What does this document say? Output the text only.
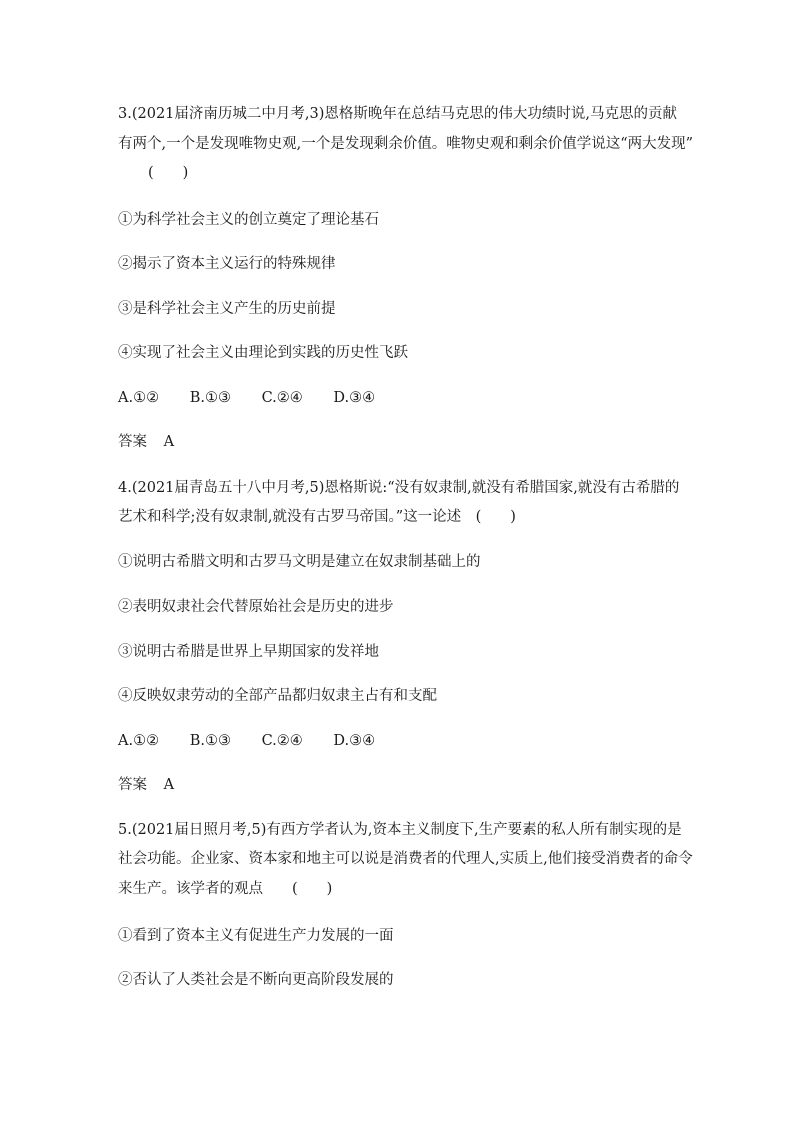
3.(2021届济南历城二中月考,3)恩格斯晚年在总结马克思的伟大功绩时说,马克思的贡献
有两个,一个是发现唯物史观,一个是发现剩余价值。唯物史观和剩余价值学说这“两大发现”
(　　)
①为科学社会主义的创立奠定了理论基石
②揭示了资本主义运行的特殊规律
③是科学社会主义产生的历史前提
④实现了社会主义由理论到实践的历史性飞跃
A.①② B.①③ C.②④ D.③④
答案 A
4.(2021届青岛五十八中月考,5)恩格斯说:“没有奴隶制,就没有希腊国家,就没有古希腊的
艺术和科学;没有奴隶制,就没有古罗马帝国。”这一论述　(　　)
①说明古希腊文明和古罗马文明是建立在奴隶制基础上的
②表明奴隶社会代替原始社会是历史的进步
③说明古希腊是世界上早期国家的发祥地
④反映奴隶劳动的全部产品都归奴隶主占有和支配
A.①② B.①③ C.②④ D.③④
答案 A
5.(2021届日照月考,5)有西方学者认为,资本主义制度下,生产要素的私人所有制实现的是
社会功能。企业家、资本家和地主可以说是消费者的代理人,实质上,他们接受消费者的命令
来生产。该学者的观点　　(　　)
①看到了资本主义有促进生产力发展的一面
②否认了人类社会是不断向更高阶段发展的
